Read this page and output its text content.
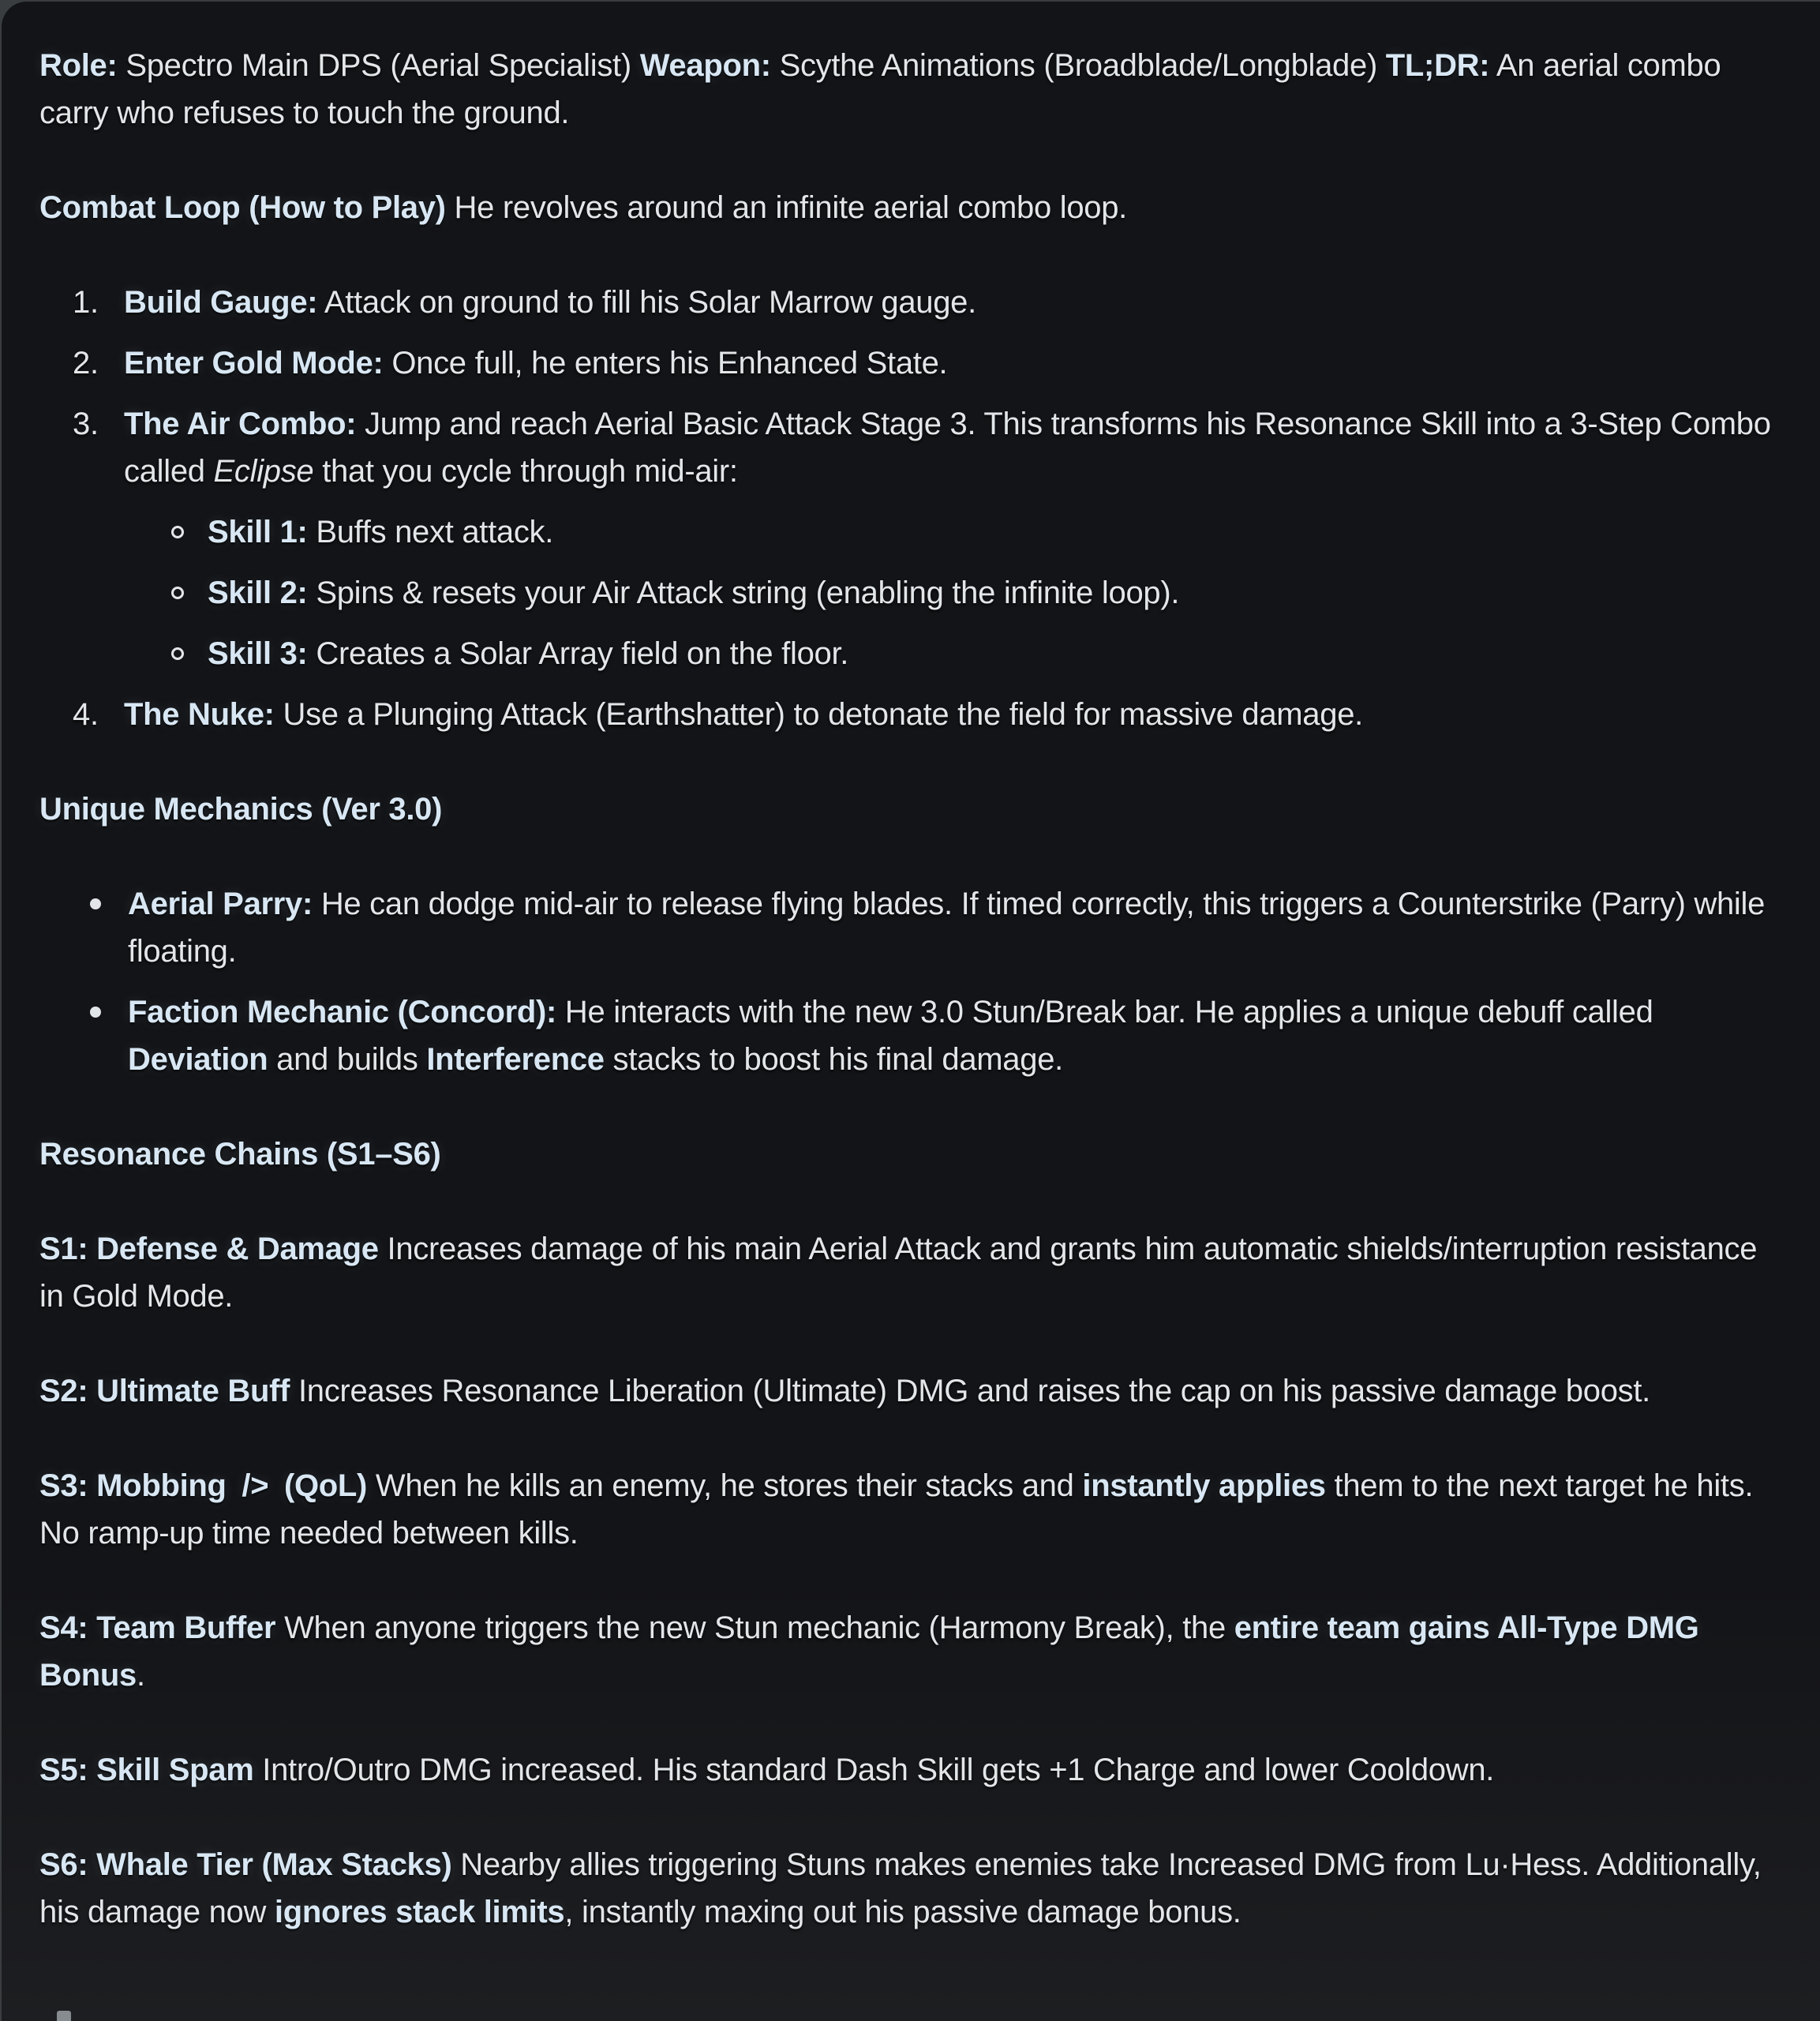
Role: Spectro Main DPS (Aerial Specialist) Weapon: Scythe Animations (Broadblade/Longblade) TL;DR: An aerial combo carry who refuses to touch the ground.

Combat Loop (How to Play) He revolves around an infinite aerial combo loop.

1. Build Gauge: Attack on ground to fill his Solar Marrow gauge.
2. Enter Gold Mode: Once full, he enters his Enhanced State.
3. The Air Combo: Jump and reach Aerial Basic Attack Stage 3. This transforms his Resonance Skill into a 3-Step Combo called Eclipse that you cycle through mid-air:
Skill 1: Buffs next attack.
Skill 2: Spins & resets your Air Attack string (enabling the infinite loop).
Skill 3: Creates a Solar Array field on the floor.
4. The Nuke: Use a Plunging Attack (Earthshatter) to detonate the field for massive damage.

Unique Mechanics (Ver 3.0)

Aerial Parry: He can dodge mid-air to release flying blades. If timed correctly, this triggers a Counterstrike (Parry) while floating.
Faction Mechanic (Concord): He interacts with the new 3.0 Stun/Break bar. He applies a unique debuff called Deviation and builds Interference stacks to boost his final damage.

Resonance Chains (S1–S6)

S1: Defense & Damage Increases damage of his main Aerial Attack and grants him automatic shields/interruption resistance in Gold Mode.

S2: Ultimate Buff Increases Resonance Liberation (Ultimate) DMG and raises the cap on his passive damage boost.

S3: Mobbing  />  (QoL) When he kills an enemy, he stores their stacks and instantly applies them to the next target he hits. No ramp-up time needed between kills.

S4: Team Buffer When anyone triggers the new Stun mechanic (Harmony Break), the entire team gains All-Type DMG Bonus.

S5: Skill Spam Intro/Outro DMG increased. His standard Dash Skill gets +1 Charge and lower Cooldown.

S6: Whale Tier (Max Stacks) Nearby allies triggering Stuns makes enemies take Increased DMG from Lu·Hess. Additionally, his damage now ignores stack limits, instantly maxing out his passive damage bonus.
